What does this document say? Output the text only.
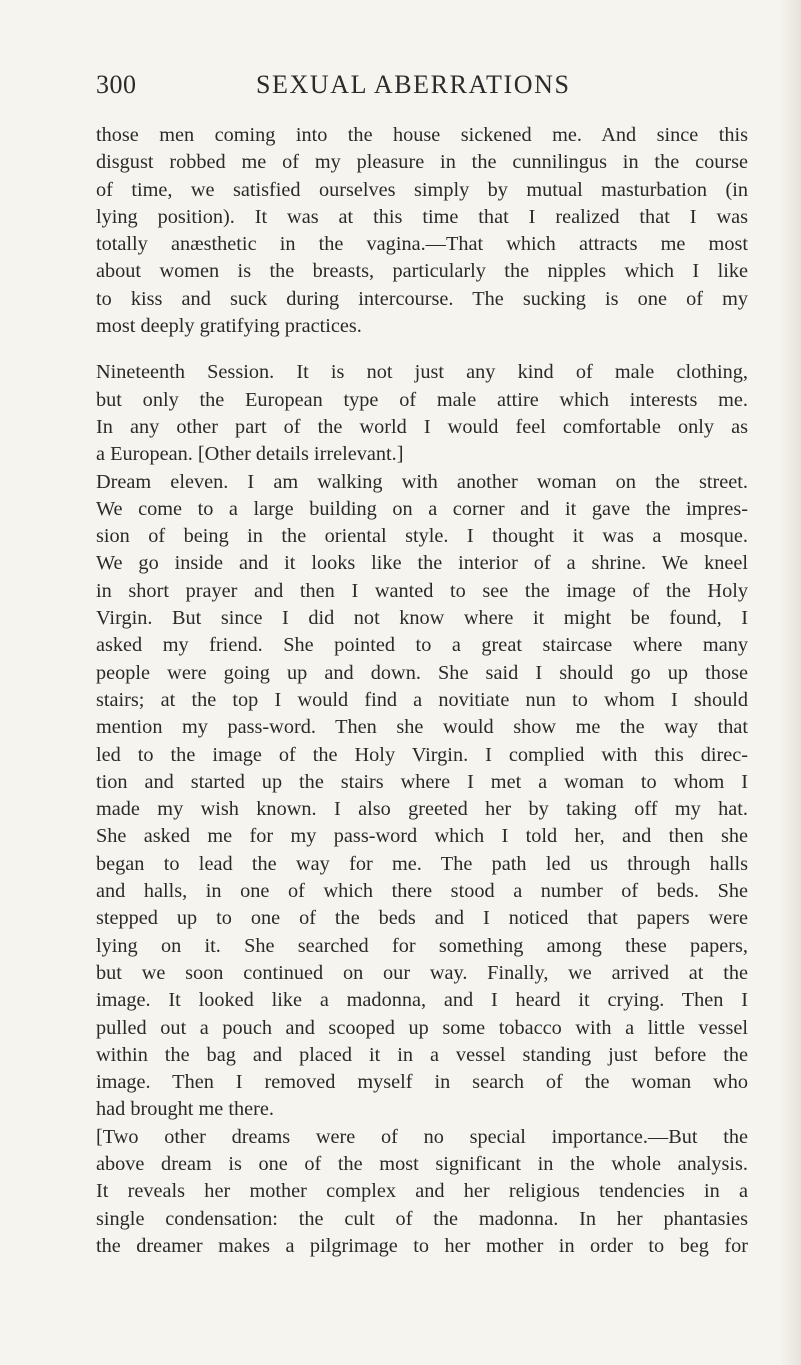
300	SEXUAL ABERRATIONS
those men coming into the house sickened me. And since this
disgust robbed me of my pleasure in the cunnilingus in the course
of time, we satisfied ourselves simply by mutual masturbation (in
lying position). It was at this time that I realized that I was
totally anæsthetic in the vagina.—That which attracts me most
about women is the breasts, particularly the nipples which I like
to kiss and suck during intercourse. The sucking is one of my
most deeply gratifying practices.
Nineteenth Session. It is not just any kind of male clothing,
but only the European type of male attire which interests me.
In any other part of the world I would feel comfortable only as
a European. [Other details irrelevant.]
Dream eleven. I am walking with another woman on the street.
We come to a large building on a corner and it gave the impres-
sion of being in the oriental style. I thought it was a mosque.
We go inside and it looks like the interior of a shrine. We kneel
in short prayer and then I wanted to see the image of the Holy
Virgin. But since I did not know where it might be found, I
asked my friend. She pointed to a great staircase where many
people were going up and down. She said I should go up those
stairs; at the top I would find a novitiate nun to whom I should
mention my pass-word. Then she would show me the way that
led to the image of the Holy Virgin. I complied with this direc-
tion and started up the stairs where I met a woman to whom I
made my wish known. I also greeted her by taking off my hat.
She asked me for my pass-word which I told her, and then she
began to lead the way for me. The path led us through halls
and halls, in one of which there stood a number of beds. She
stepped up to one of the beds and I noticed that papers were
lying on it. She searched for something among these papers,
but we soon continued on our way. Finally, we arrived at the
image. It looked like a madonna, and I heard it crying. Then I
pulled out a pouch and scooped up some tobacco with a little vessel
within the bag and placed it in a vessel standing just before the
image. Then I removed myself in search of the woman who
had brought me there.
[Two other dreams were of no special importance.—But the
above dream is one of the most significant in the whole analysis.
It reveals her mother complex and her religious tendencies in a
single condensation: the cult of the madonna. In her phantasies
the dreamer makes a pilgrimage to her mother in order to beg for
